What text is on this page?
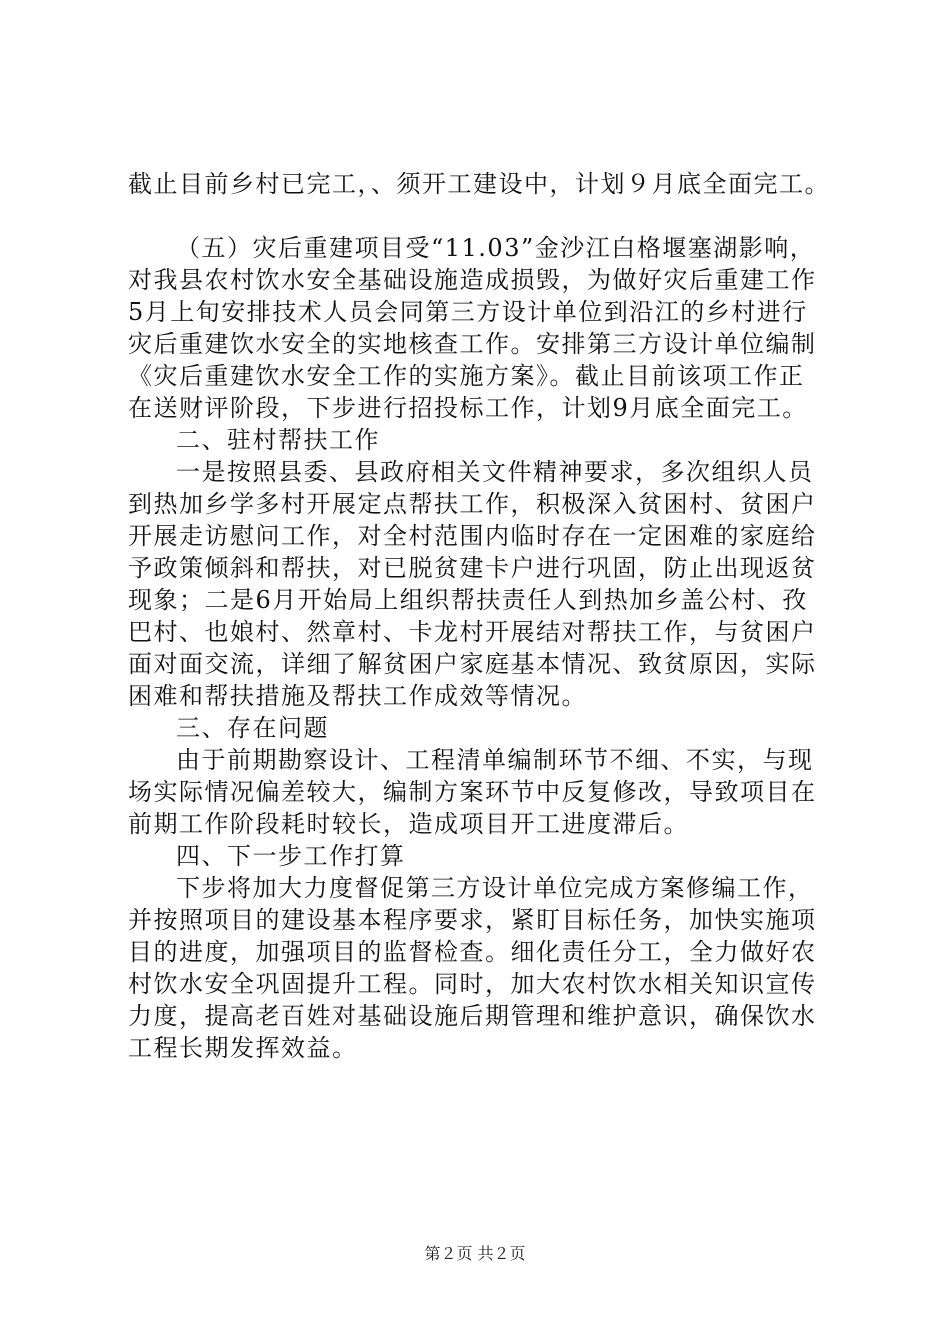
截止目前乡村已完工，、须开工建设中，计划９月底全面完工。
（五）灾后重建项目受“11.03”金沙江白格堰塞湖影响，
对我县农村饮水安全基础设施造成损毁，为做好灾后重建工作
5月上旬安排技术人员会同第三方设计单位到沿江的乡村进行
灾后重建饮水安全的实地核查工作。安排第三方设计单位编制
《灾后重建饮水安全工作的实施方案》。截止目前该项工作正
在送财评阶段，下步进行招投标工作，计划9月底全面完工。
二、驻村帮扶工作
一是按照县委、县政府相关文件精神要求，多次组织人员
到热加乡学多村开展定点帮扶工作，积极深入贫困村、贫困户
开展走访慰问工作，对全村范围内临时存在一定困难的家庭给
予政策倾斜和帮扶，对已脱贫建卡户进行巩固，防止出现返贫
现象；二是6月开始局上组织帮扶责任人到热加乡盖公村、孜
巴村、也娘村、然章村、卡龙村开展结对帮扶工作，与贫困户
面对面交流，详细了解贫困户家庭基本情况、致贫原因，实际
困难和帮扶措施及帮扶工作成效等情况。
三、存在问题
由于前期勘察设计、工程清单编制环节不细、不实，与现
场实际情况偏差较大，编制方案环节中反复修改，导致项目在
前期工作阶段耗时较长，造成项目开工进度滞后。
四、下一步工作打算
下步将加大力度督促第三方设计单位完成方案修编工作，
并按照项目的建设基本程序要求，紧盯目标任务，加快实施项
目的进度，加强项目的监督检查。细化责任分工，全力做好农
村饮水安全巩固提升工程。同时，加大农村饮水相关知识宣传
力度，提高老百姓对基础设施后期管理和维护意识，确保饮水
工程长期发挥效益。
第２页 共２页
